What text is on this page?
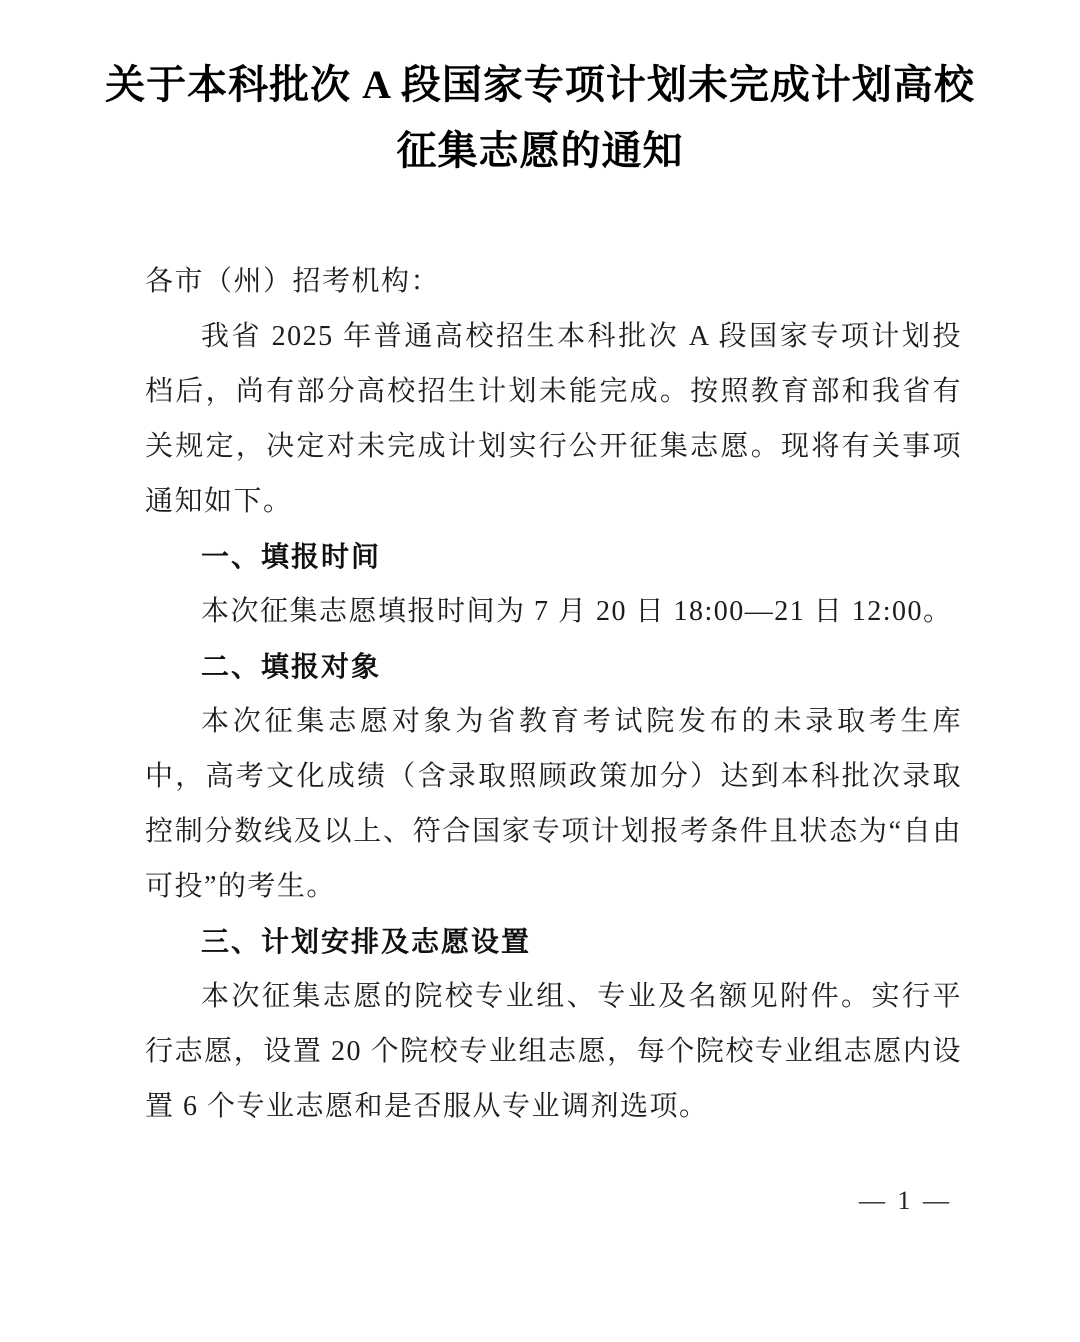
关于本科批次 A 段国家专项计划未完成计划高校
征集志愿的通知

各市（州）招考机构：

我省 2025 年普通高校招生本科批次 A 段国家专项计划投档后，尚有部分高校招生计划未能完成。按照教育部和我省有关规定，决定对未完成计划实行公开征集志愿。现将有关事项通知如下。

一、填报时间

本次征集志愿填报时间为 7 月 20 日 18:00—21 日 12:00。

二、填报对象

本次征集志愿对象为省教育考试院发布的未录取考生库中，高考文化成绩（含录取照顾政策加分）达到本科批次录取控制分数线及以上、符合国家专项计划报考条件且状态为“自由可投”的考生。

三、计划安排及志愿设置

本次征集志愿的院校专业组、专业及名额见附件。实行平行志愿，设置 20 个院校专业组志愿，每个院校专业组志愿内设置 6 个专业志愿和是否服从专业调剂选项。

— 1 —
